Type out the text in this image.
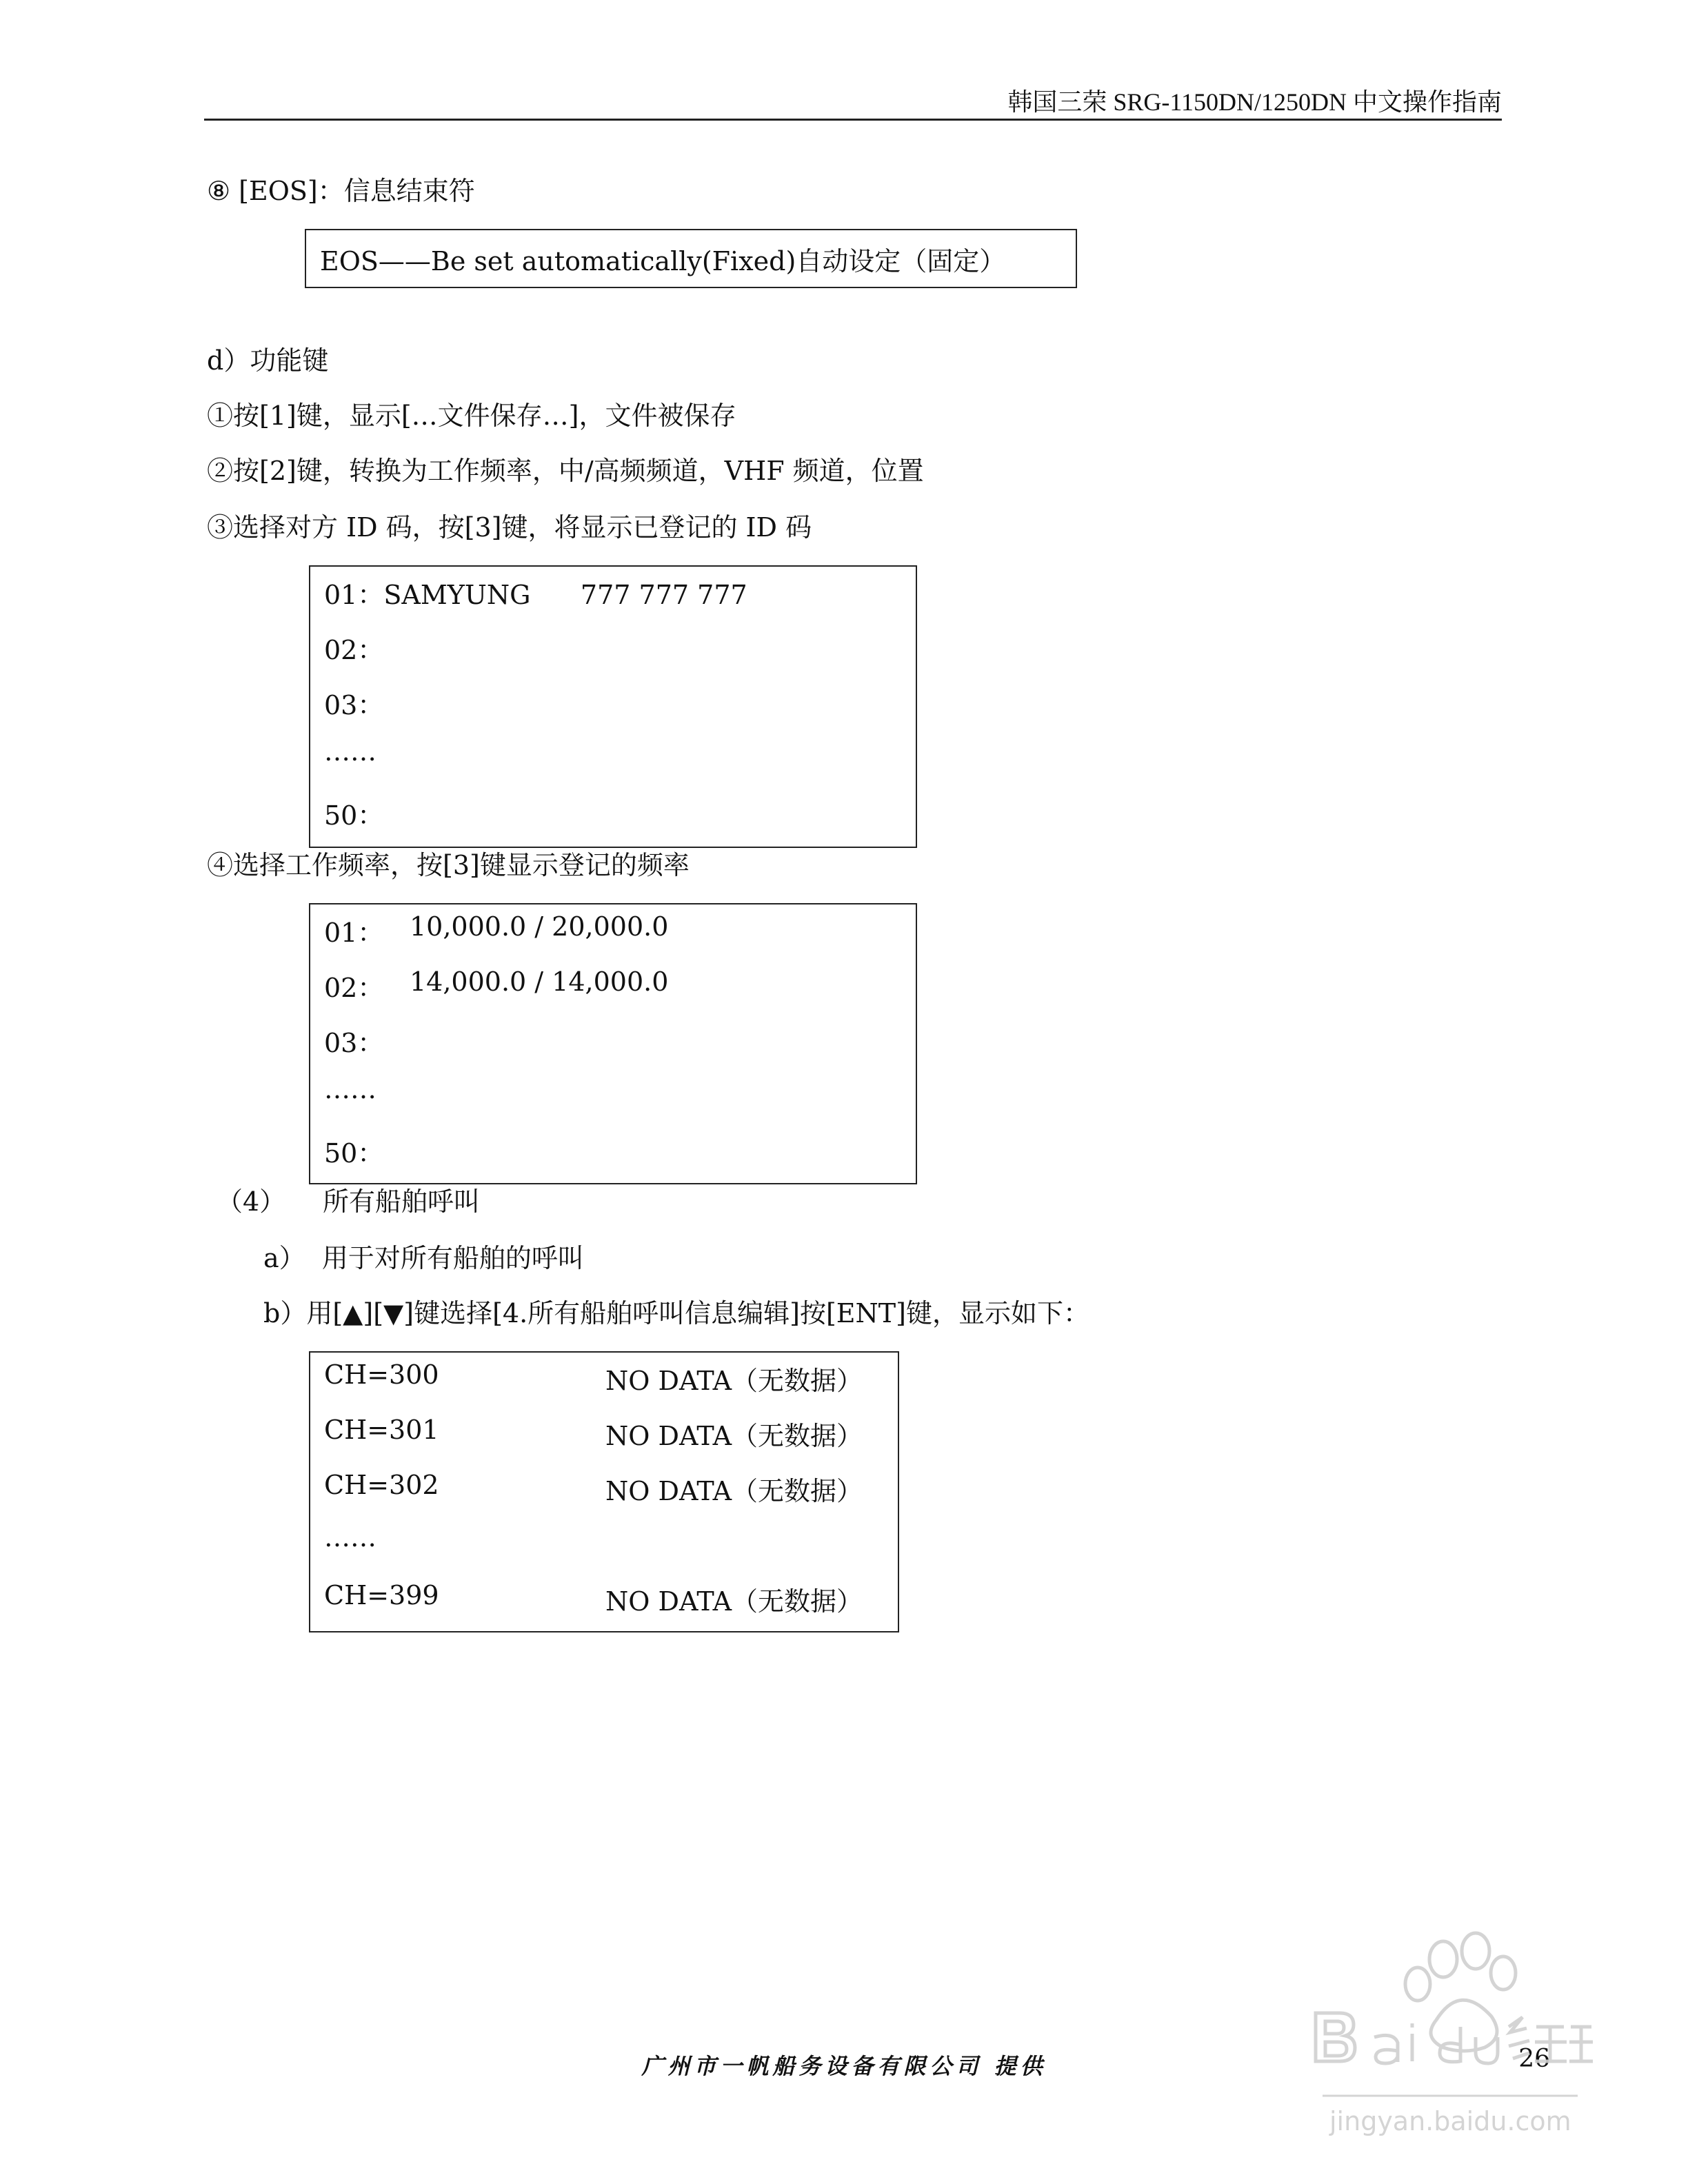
韩国三荣 SRG-1150DN/1250DN 中文操作指南
⑧ [EOS]：信息结束符
EOS——Be set automatically(Fixed)自动设定（固定）
d）功能键
①按[1]键，显示[…文件保存…]，文件被保存
②按[2]键，转换为工作频率，中/高频频道，VHF 频道，位置
③选择对方 ID 码，按[3]键，将显示已登记的 ID 码
01：SAMYUNG      777 777 777
02：
03：
……
50：
④选择工作频率，按[3]键显示登记的频率
01： 10,000.0 / 20,000.0
02： 14,000.0 / 14,000.0
03：
……
50：
（4） 所有船舶呼叫
a）  用于对所有船舶的呼叫
b）用[▲][▼]键选择[4.所有船舶呼叫信息编辑]按[ENT]键，显示如下：
CH=300	NO DATA（无数据）
CH=301	NO DATA（无数据）
CH=302	NO DATA（无数据）
……
CH=399	NO DATA（无数据）
广州市一帆船务设备有限公司 提供	26
jingyan.baidu.com
